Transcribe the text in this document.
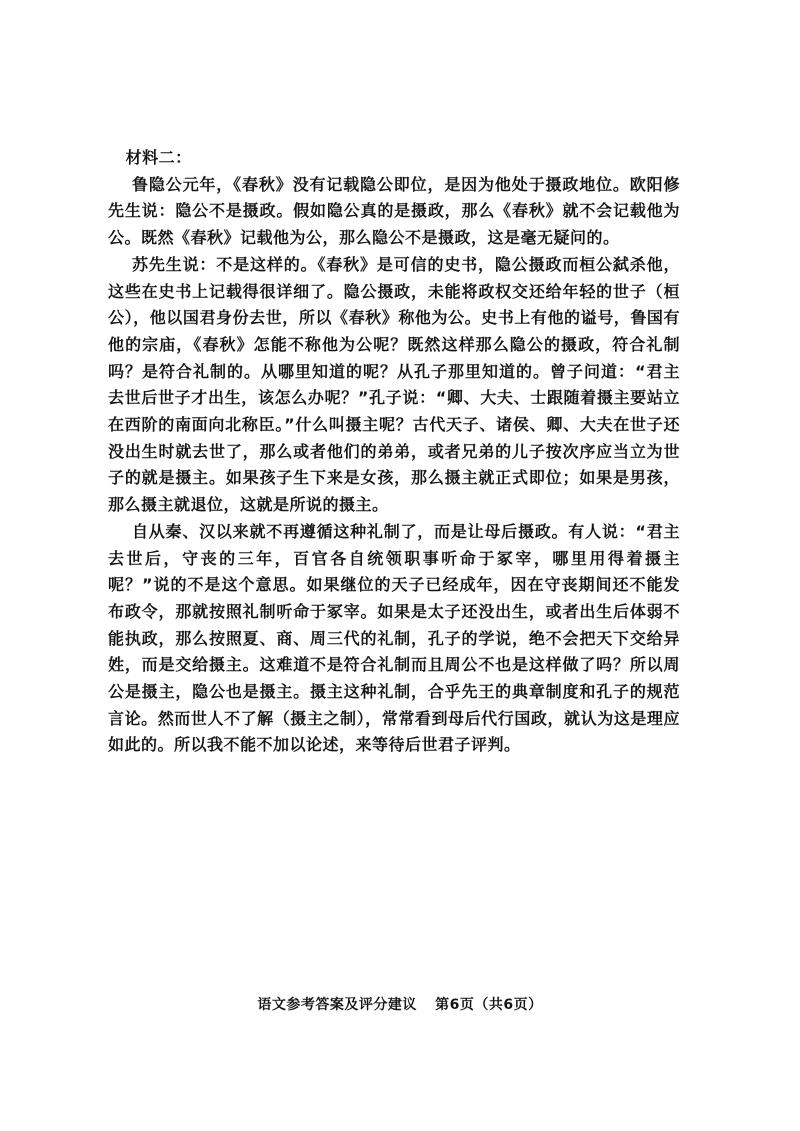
材料二：

鲁隐公元年，《春秋》没有记载隐公即位，是因为他处于摄政地位。欧阳修先生说：隐公不是摄政。假如隐公真的是摄政，那么《春秋》就不会记载他为公。既然《春秋》记载他为公，那么隐公不是摄政，这是毫无疑问的。

苏先生说：不是这样的。《春秋》是可信的史书，隐公摄政而桓公弑杀他，这些在史书上记载得很详细了。隐公摄政，未能将政权交还给年轻的世子（桓公），他以国君身份去世，所以《春秋》称他为公。史书上有他的谥号，鲁国有他的宗庙，《春秋》怎能不称他为公呢？既然这样那么隐公的摄政，符合礼制吗？是符合礼制的。从哪里知道的呢？从孔子那里知道的。曾子问道：“君主去世后世子才出生，该怎么办呢？”孔子说：“卿、大夫、士跟随着摄主要站立在西阶的南面向北称臣。”什么叫摄主呢？古代天子、诸侯、卿、大夫在世子还没出生时就去世了，那么或者他们的弟弟，或者兄弟的儿子按次序应当立为世子的就是摄主。如果孩子生下来是女孩，那么摄主就正式即位；如果是男孩，那么摄主就退位，这就是所说的摄主。

自从秦、汉以来就不再遵循这种礼制了，而是让母后摄政。有人说：“君主去世后，守丧的三年，百官各自统领职事听命于冢宰，哪里用得着摄主呢？”说的不是这个意思。如果继位的天子已经成年，因在守丧期间还不能发布政令，那就按照礼制听命于冢宰。如果是太子还没出生，或者出生后体弱不能执政，那么按照夏、商、周三代的礼制，孔子的学说，绝不会把天下交给异姓，而是交给摄主。这难道不是符合礼制而且周公不也是这样做了吗？所以周公是摄主，隐公也是摄主。摄主这种礼制，合乎先王的典章制度和孔子的规范言论。然而世人不了解（摄主之制），常常看到母后代行国政，就认为这是理应如此的。所以我不能不加以论述，来等待后世君子评判。

语文参考答案及评分建议 第6页（共6页）
